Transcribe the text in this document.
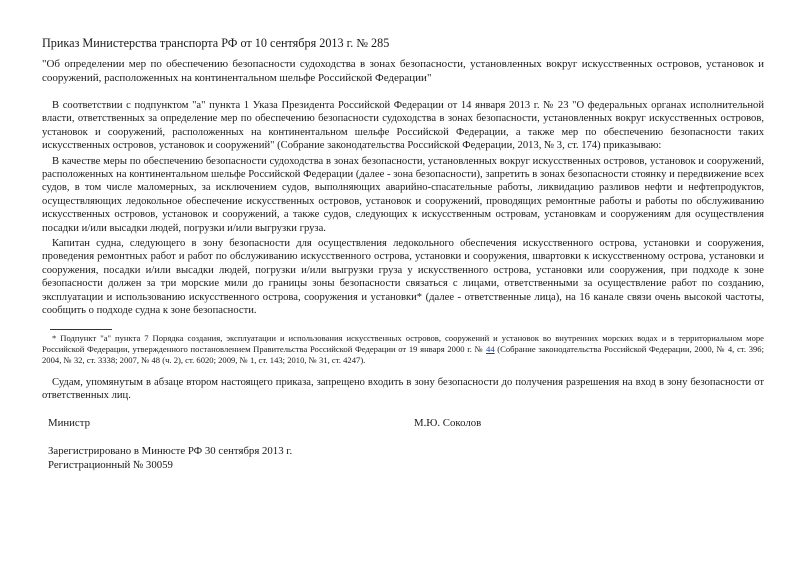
Приказ Министерства транспорта РФ от 10 сентября 2013 г. № 285
"Об определении мер по обеспечению безопасности судоходства в зонах безопасности, установленных вокруг искусственных островов, установок и сооружений, расположенных на континентальном шельфе Российской Федерации"

В соответствии с подпунктом "а" пункта 1 Указа Президента Российской Федерации от 14 января 2013 г. № 23 "О федеральных органах исполнительной власти, ответственных за определение мер по обеспечению безопасности судоходства в зонах безопасности, установленных вокруг искусственных островов, установок и сооружений, расположенных на континентальном шельфе Российской Федерации, а также мер по обеспечению безопасности таких искусственных островов, установок и сооружений" (Собрание законодательства Российской Федерации, 2013, № 3, ст. 174) приказываю:

В качестве меры по обеспечению безопасности судоходства в зонах безопасности, установленных вокруг искусственных островов, установок и сооружений, расположенных на континентальном шельфе Российской Федерации (далее - зона безопасности), запретить в зонах безопасности стоянку и передвижение всех судов, в том числе маломерных, за исключением судов, выполняющих аварийно-спасательные работы, ликвидацию разливов нефти и нефтепродуктов, осуществляющих ледокольное обеспечение искусственных островов, установок и сооружений, проводящих ремонтные работы и работы по обслуживанию искусственных островов, установок и сооружений, а также судов, следующих к искусственным островам, установкам и сооружениям для осуществления посадки и/или высадки людей, погрузки и/или выгрузки груза.

Капитан судна, следующего в зону безопасности для осуществления ледокольного обеспечения искусственного острова, установки и сооружения, проведения ремонтных работ и работ по обслуживанию искусственного острова, установки и сооружения, швартовки к искусственному острова, установки и сооружения, посадки и/или высадки людей, погрузки и/или выгрузки груза у искусственного острова, установки или сооружения, при подходе к зоне безопасности должен за три морские мили до границы зоны безопасности связаться с лицами, ответственными за осуществление работ по созданию, эксплуатации и использованию искусственного острова, сооружения и установки* (далее - ответственные лица), на 16 канале связи очень высокой частоты, сообщить о подходе судна к зоне безопасности.

* Подпункт "а" пункта 7 Порядка создания, эксплуатации и использования искусственных островов, сооружений и установок во внутренних морских водах и в территориальном море Российской Федерации, утвержденного постановлением Правительства Российской Федерации от 19 января 2000 г. № 44 (Собрание законодательства Российской Федерации, 2000, № 4, ст. 396; 2004, № 32, ст. 3338; 2007, № 48 (ч. 2), ст. 6020; 2009, № 1, ст. 143; 2010, № 31, ст. 4247).

Судам, упомянутым в абзаце втором настоящего приказа, запрещено входить в зону безопасности до получения разрешения на вход в зону безопасности от ответственных лиц.

Министр	М.Ю. Соколов
Зарегистрировано в Минюсте РФ 30 сентября 2013 г.
Регистрационный № 30059
